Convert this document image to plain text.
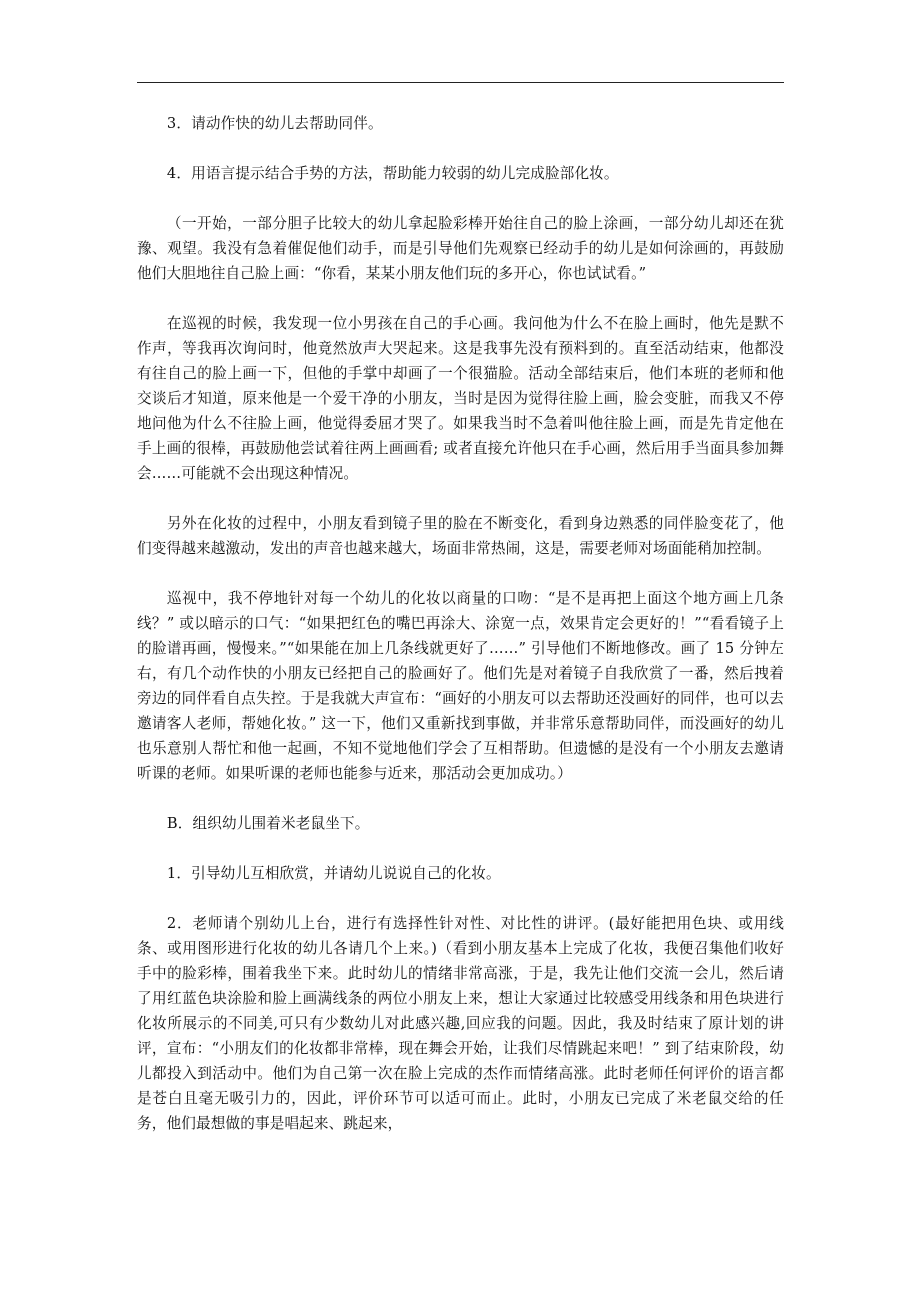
3．请动作快的幼儿去帮助同伴。

4．用语言提示结合手势的方法，帮助能力较弱的幼儿完成脸部化妆。

（一开始，一部分胆子比较大的幼儿拿起脸彩棒开始往自己的脸上涂画，一部分幼儿却还在犹豫、观望。我没有急着催促他们动手，而是引导他们先观察已经动手的幼儿是如何涂画的，再鼓励他们大胆地往自己脸上画：“你看，某某小朋友他们玩的多开心，你也试试看。”

在巡视的时候，我发现一位小男孩在自己的手心画。我问他为什么不在脸上画时，他先是默不作声，等我再次询问时，他竟然放声大哭起来。这是我事先没有预料到的。直至活动结束，他都没有往自己的脸上画一下，但他的手掌中却画了一个很猫脸。活动全部结束后，他们本班的老师和他交谈后才知道，原来他是一个爱干净的小朋友，当时是因为觉得往脸上画，脸会变脏，而我又不停地问他为什么不往脸上画，他觉得委屈才哭了。如果我当时不急着叫他往脸上画，而是先肯定他在手上画的很棒，再鼓励他尝试着往两上画画看; 或者直接允许他只在手心画，然后用手当面具参加舞会……可能就不会出现这种情况。

另外在化妆的过程中，小朋友看到镜子里的脸在不断变化，看到身边熟悉的同伴脸变花了，他们变得越来越激动，发出的声音也越来越大，场面非常热闹，这是，需要老师对场面能稍加控制。

巡视中，我不停地针对每一个幼儿的化妆以商量的口吻：“是不是再把上面这个地方画上几条线？” 或以暗示的口气：“如果把红色的嘴巴再涂大、涂宽一点，效果肯定会更好的！”“看看镜子上的脸谱再画，慢慢来。”“如果能在加上几条线就更好了……” 引导他们不断地修改。画了 15 分钟左右，有几个动作快的小朋友已经把自己的脸画好了。他们先是对着镜子自我欣赏了一番，然后拽着旁边的同伴看自点失控。于是我就大声宣布：“画好的小朋友可以去帮助还没画好的同伴，也可以去邀请客人老师，帮她化妆。” 这一下，他们又重新找到事做，并非常乐意帮助同伴，而没画好的幼儿也乐意别人帮忙和他一起画，不知不觉地他们学会了互相帮助。但遗憾的是没有一个小朋友去邀请听课的老师。如果听课的老师也能参与近来，那活动会更加成功。）

B．组织幼儿围着米老鼠坐下。

1．引导幼儿互相欣赏，并请幼儿说说自己的化妆。

2．老师请个别幼儿上台，进行有选择性针对性、对比性的讲评。(最好能把用色块、或用线条、或用图形进行化妆的幼儿各请几个上来。)（看到小朋友基本上完成了化妆，我便召集他们收好手中的脸彩棒，围着我坐下来。此时幼儿的情绪非常高涨，于是，我先让他们交流一会儿，然后请了用红蓝色块涂脸和脸上画满线条的两位小朋友上来，想让大家通过比较感受用线条和用色块进行化妆所展示的不同美,可只有少数幼儿对此感兴趣,回应我的问题。因此，我及时结束了原计划的讲评，宣布：“小朋友们的化妆都非常棒，现在舞会开始，让我们尽情跳起来吧！” 到了结束阶段，幼儿都投入到活动中。他们为自己第一次在脸上完成的杰作而情绪高涨。此时老师任何评价的语言都是苍白且毫无吸引力的，因此，评价环节可以适可而止。此时，小朋友已完成了米老鼠交给的任务，他们最想做的事是唱起来、跳起来，
